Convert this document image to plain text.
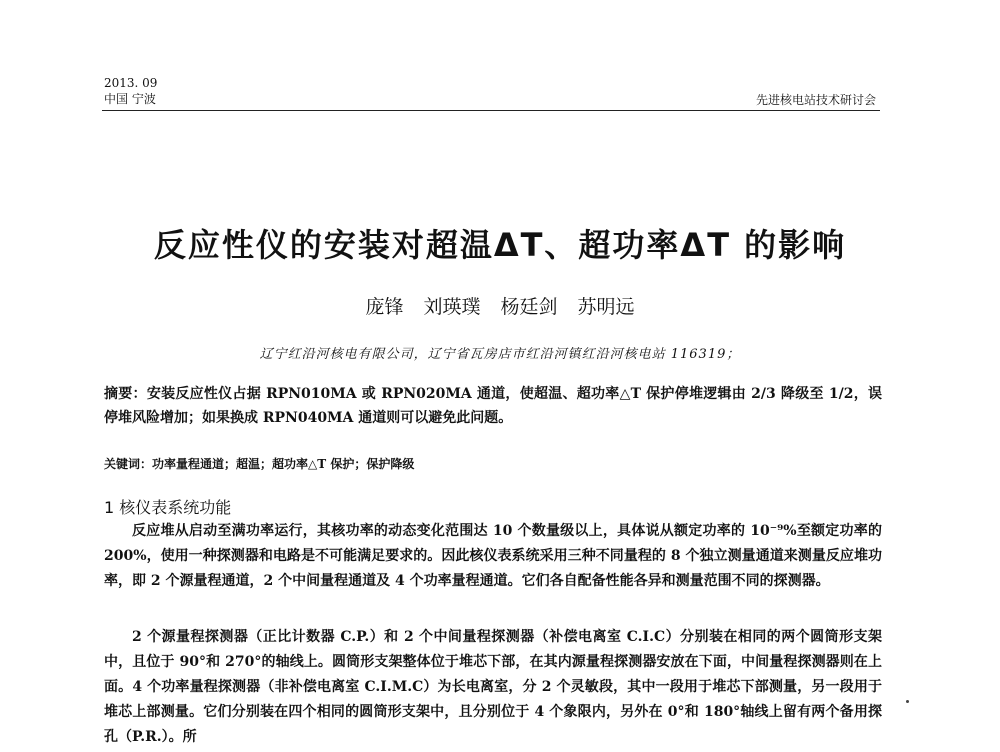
2013. 09
中国 宁波	先进核电站技术研讨会
反应性仪的安装对超温ΔT、超功率ΔT 的影响
庞锋 刘瑛璞 杨廷剑 苏明远
辽宁红沿河核电有限公司，辽宁省瓦房店市红沿河镇红沿河核电站 116319；
摘要：安装反应性仪占据 RPN010MA 或 RPN020MA 通道，使超温、超功率△T 保护停堆逻辑由 2/3 降级至 1/2，误停堆风险增加；如果换成 RPN040MA 通道则可以避免此问题。
关键词：功率量程通道；超温；超功率△T 保护；保护降级
1 核仪表系统功能
反应堆从启动至满功率运行，其核功率的动态变化范围达 10 个数量级以上，具体说从额定功率的 10⁻⁹%至额定功率的 200%，使用一种探测器和电路是不可能满足要求的。因此核仪表系统采用三种不同量程的 8 个独立测量通道来测量反应堆功率，即 2 个源量程通道，2 个中间量程通道及 4 个功率量程通道。它们各自配备性能各异和测量范围不同的探测器。
2 个源量程探测器（正比计数器 C.P.）和 2 个中间量程探测器（补偿电离室 C.I.C）分别装在相同的两个圆筒形支架中，且位于 90°和 270°的轴线上。圆筒形支架整体位于堆芯下部，在其内源量程探测器安放在下面，中间量程探测器则在上面。4 个功率量程探测器（非补偿电离室 C.I.M.C）为长电离室，分 2 个灵敏段，其中一段用于堆芯下部测量，另一段用于堆芯上部测量。它们分别装在四个相同的圆筒形支架中，且分别位于 4 个象限内，另外在 0°和 180°轴线上留有两个备用探孔（P.R.）。所
